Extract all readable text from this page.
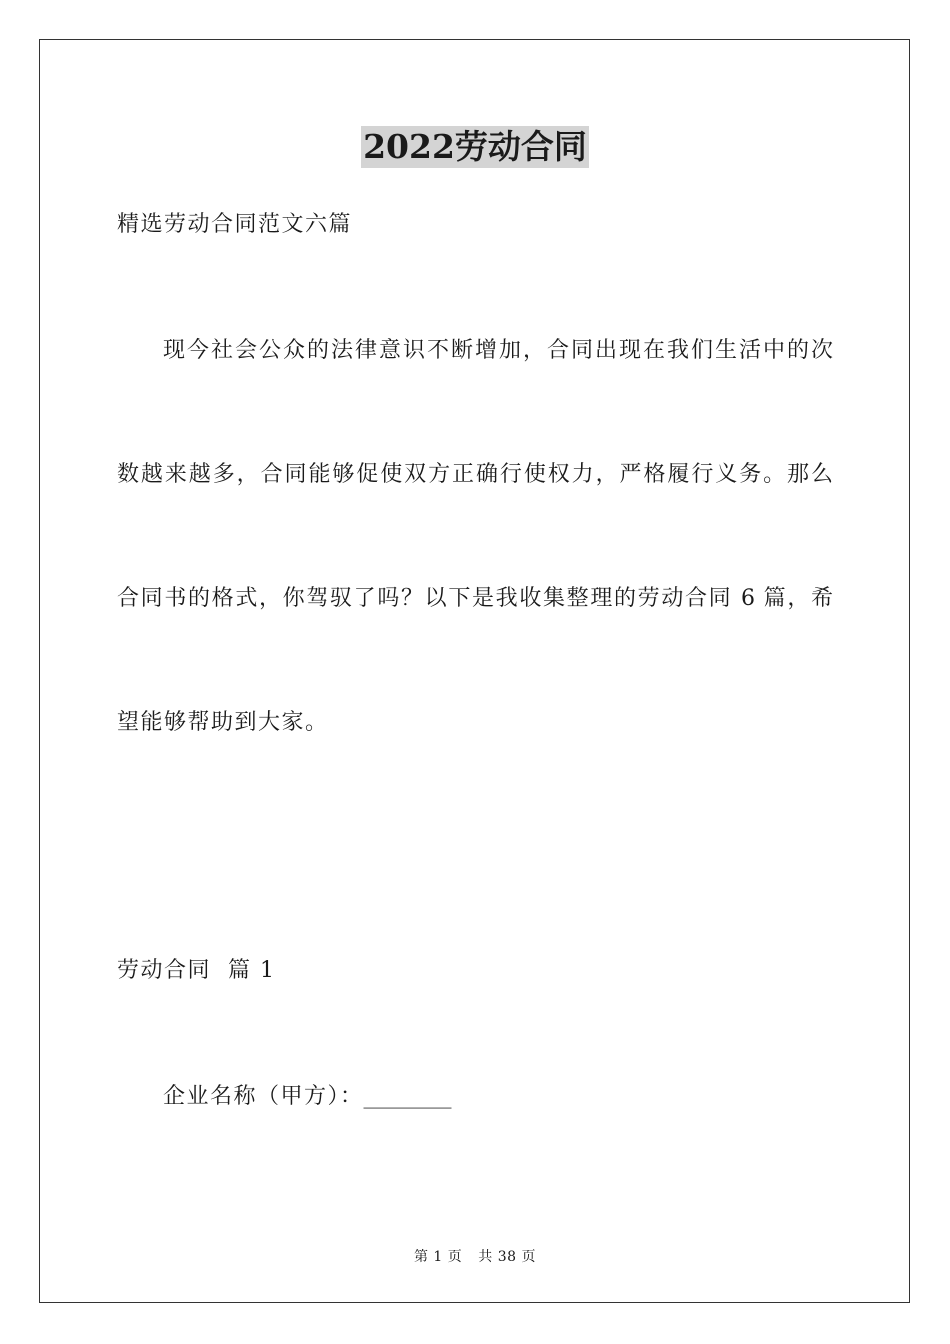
2022劳动合同
精选劳动合同范文六篇
现今社会公众的法律意识不断增加，合同出现在我们生活中的次
数越来越多，合同能够促使双方正确行使权力，严格履行义务。那么
合同书的格式，你驾驭了吗？以下是我收集整理的劳动合同 6 篇，希
望能够帮助到大家。
劳动合同  篇 1
企业名称（甲方）：________
第 1 页 共 38 页
